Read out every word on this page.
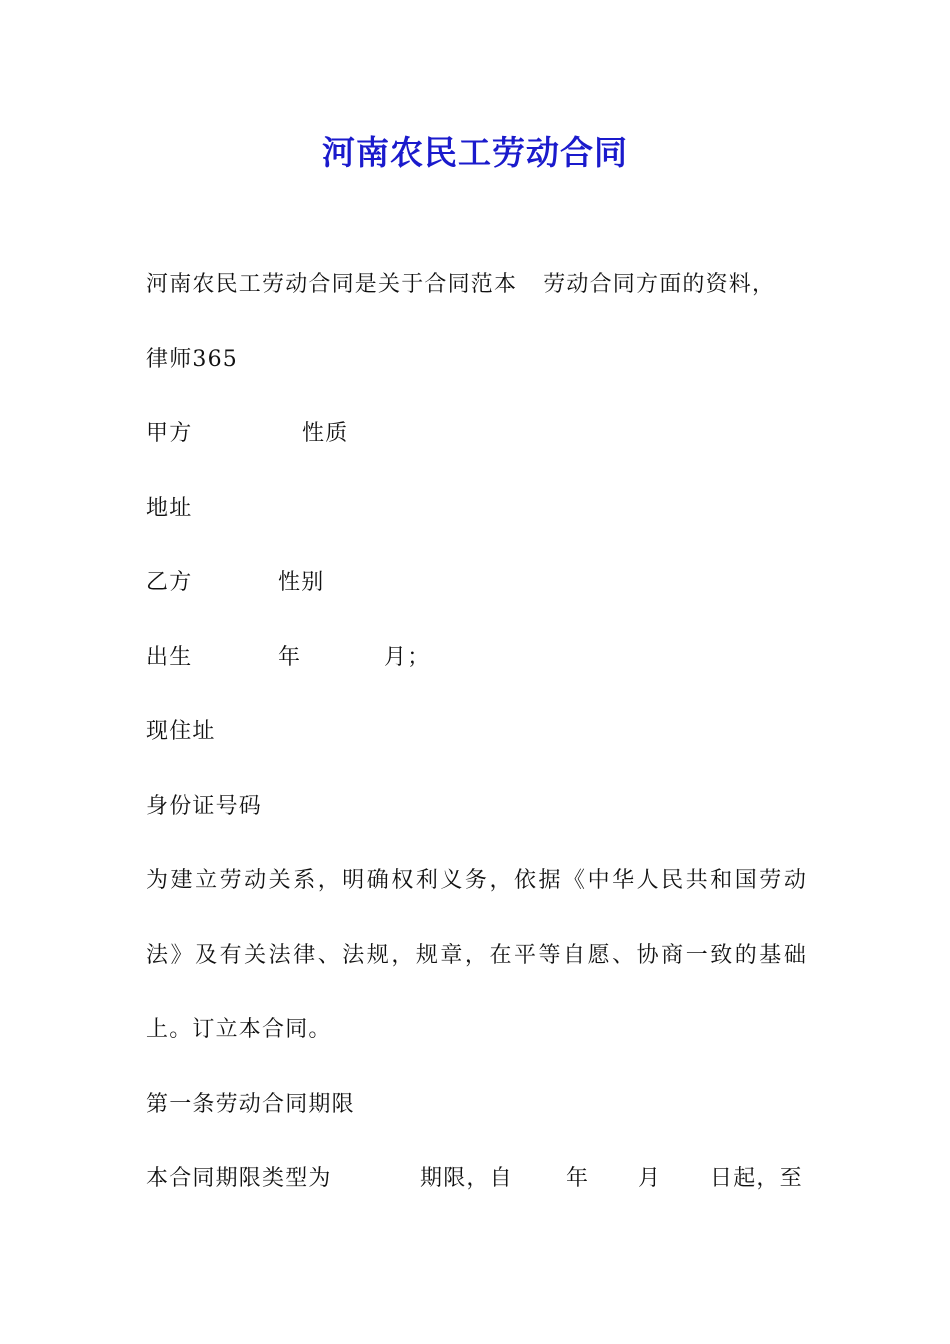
河南农民工劳动合同
河南农民工劳动合同是关于合同范本 劳动合同方面的资料，
律师365
甲方	性质
地址
乙方	性别
出生	年	月；
现住址
身份证号码
为 建 立 劳 动 关 系 ， 明 确 权 利 义 务 ， 依 据 《 中 华 人 民 共 和 国 劳 动
法 》 及 有 关 法 律 、 法 规 ， 规 章 ， 在 平 等 自 愿 、 协 商 一 致 的 基 础
上。订立本合同。
第一条劳动合同期限
本合同期限类型为	期限，自 年 月 日起，至
